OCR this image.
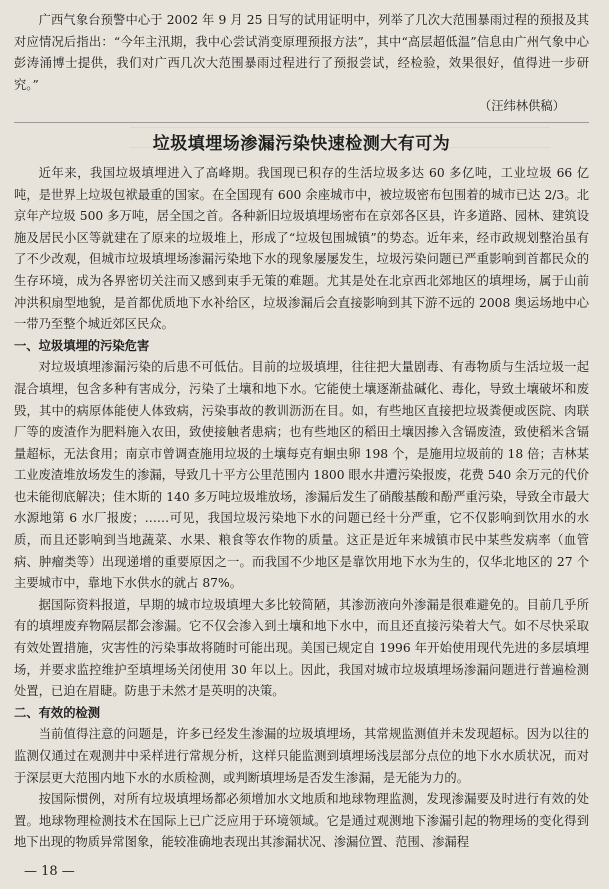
广西气象台预警中心于 2002 年 9 月 25 日写的试用证明中，列举了几次大范围暴雨过程的预报及其对应情况后指出：“今年主汛期，我中心尝试消变原理预报方法”，其中“高层超低温”信息由广州气象中心彭涛涌博士提供，我们对广西几次大范围暴雨过程进行了预报尝试，经检验，效果很好，值得进一步研究。”

（汪纬林供稿）
垃圾填埋场渗漏污染快速检测大有可为

近年来，我国垃圾填埋进入了高峰期。我国现已积存的生活垃圾多达 60 多亿吨，工业垃圾 66 亿吨，是世界上垃圾包袱最重的国家。在全国现有 600 余座城市中，被垃圾密布包围着的城市已达 2/3。北京年产垃圾 500 多万吨，居全国之首。各种新旧垃圾填埋场密布在京郊各区县，许多道路、园林、建筑设施及居民小区等就建在了原来的垃圾堆上，形成了“垃圾包围城镇”的势态。近年来，经市政规划整治虽有了不少改观，但城市垃圾填埋场渗漏污染地下水的现象屡屡发生，垃圾污染问题已严重影响到首都民众的生存环境，成为各界密切关注而又感到束手无策的难题。尤其是处在北京西北郊地区的填埋场，属于山前冲洪积扇型地貌，是首都优质地下水补给区，垃圾渗漏后会直接影响到其下游不远的 2008 奥运场地中心一带乃至整个城近郊区民众。

一、垃圾填埋的污染危害

对垃圾填埋渗漏污染的后患不可低估。目前的垃圾填埋，往往把大量剧毒、有毒物质与生活垃圾一起混合填埋，包含多种有害成分，污染了土壤和地下水。它能使土壤逐渐盐碱化、毒化，导致土壤破坏和废毁，其中的病原体能使人体致病，污染事故的教训沥沥在目。如，有些地区直接把垃圾粪便或医院、肉联厂等的废渣作为肥料施入农田，致使接触者患病；也有些地区的稻田土壤因掺入含镉废渣，致使稻米含镉量超标，无法食用；南京市曾调查施用垃圾的土壤每克有蛔虫卵 198 个，是施用垃圾前的 18 倍；吉林某工业废渣堆放场发生的渗漏，导致几十平方公里范围内 1800 眼水井遭污染报废，花费 540 余万元的代价也未能彻底解决；佳木斯的 140 多万吨垃圾堆放场，渗漏后发生了硝酸基酸和酚严重污染，导致全市最大水源地第 6 水厂报废；……可见，我国垃圾污染地下水的问题已经十分严重，它不仅影响到饮用水的水质，而且还影响到当地蔬菜、水果、粮食等农作物的质量。这正是近年来城镇市民中某些发病率（血管病、肿瘤类等）出现递增的重要原因之一。而我国不少地区是靠饮用地下水为生的，仅华北地区的 27 个主要城市中，靠地下水供水的就占 87%。

据国际资料报道，早期的城市垃圾填埋大多比较简陋，其渗沥液向外渗漏是很难避免的。目前几乎所有的填埋废弃物隔层都会渗漏。它不仅会渗入到土壤和地下水中，而且还直接污染着大气。如不尽快采取有效处置措施，灾害性的污染事故将随时可能出现。美国已规定自 1996 年开始使用现代先进的多层填埋场，并要求监控维护至填埋场关闭使用 30 年以上。因此，我国对城市垃圾填埋场渗漏问题进行普遍检测处置，已迫在眉睫。防患于未然才是英明的决策。

二、有效的检测

当前值得注意的问题是，许多已经发生渗漏的垃圾填埋场，其常规监测值并未发现超标。因为以往的监测仅通过在观测井中采样进行常规分析，这样只能监测到填埋场浅层部分点位的地下水水质状况，而对于深层更大范围内地下水的水质检测，或判断填埋场是否发生渗漏，是无能为力的。

按国际惯例，对所有垃圾填埋场都必须增加水文地质和地球物理监测，发现渗漏要及时进行有效的处置。地球物理检测技术在国际上已广泛应用于环境领域。它是通过观测地下渗漏引起的物理场的变化得到地下出现的物质异常图象，能较准确地表现出其渗漏状况、渗漏位置、范围、渗漏程

— 18 —
